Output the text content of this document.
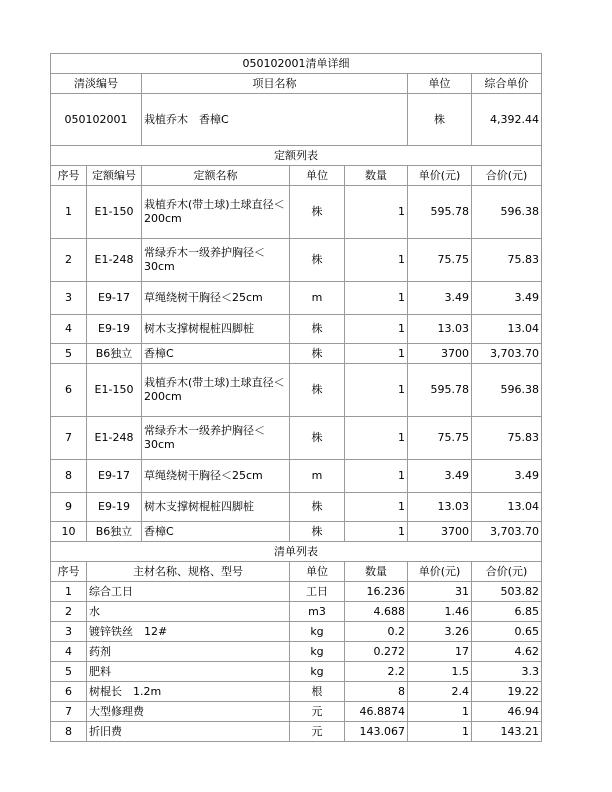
050102001清单详细						
清淡编号		项目名称			单位	综合单价
050102001		栽植乔木　香樟C			株	4,392.44
定额列表						
序号	定额编号	定额名称	单位	数量	单价(元)	合价(元)
1	E1-150	栽植乔木(带土球)土球直径＜200cm	株	1	595.78	596.38
2	E1-248	常绿乔木一级养护胸径＜30cm	株	1	75.75	75.83
3	E9-17	草绳绕树干胸径＜25cm	m	1	3.49	3.49
4	E9-19	树木支撑树棍桩四脚桩	株	1	13.03	13.04
5	B6独立	香樟C	株	1	3700	3,703.70
6	E1-150	栽植乔木(带土球)土球直径＜200cm	株	1	595.78	596.38
7	E1-248	常绿乔木一级养护胸径＜30cm	株	1	75.75	75.83
8	E9-17	草绳绕树干胸径＜25cm	m	1	3.49	3.49
9	E9-19	树木支撑树棍桩四脚桩	株	1	13.03	13.04
10	B6独立	香樟C	株	1	3700	3,703.70
清单列表						
序号	主材名称、规格、型号		单位	数量	单价(元)	合价(元)
1	综合工日		工日	16.236	31	503.82
2	水		m3	4.688	1.46	6.85
3	镀锌铁丝　12#		kg	0.2	3.26	0.65
4	药剂		kg	0.272	17	4.62
5	肥料		kg	2.2	1.5	3.3
6	树棍长　1.2m		根	8	2.4	19.22
7	大型修理费		元	46.8874	1	46.94
8	折旧费		元	143.067	1	143.21
